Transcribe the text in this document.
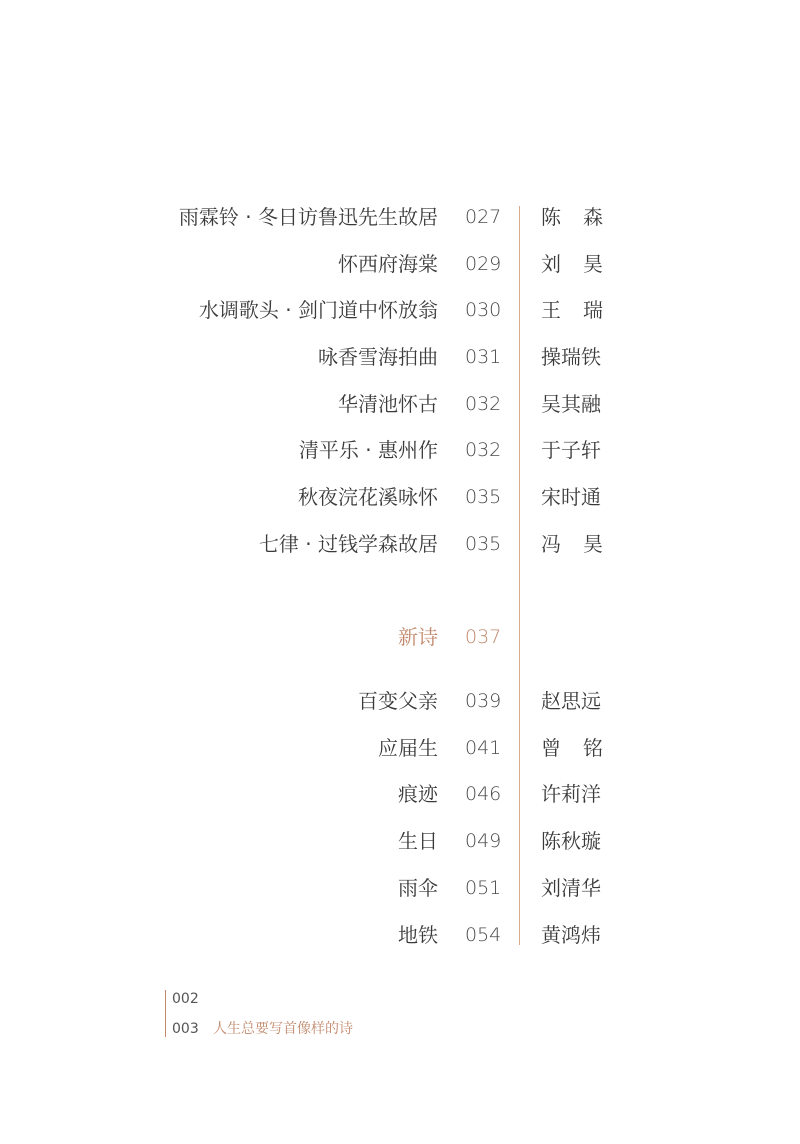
雨霖铃 · 冬日访鲁迅先生故居 027 陈 森
怀西府海棠 029 刘 昊
水调歌头 · 剑门道中怀放翁 030 王 瑞
咏香雪海拍曲 031 操瑞铁
华清池怀古 032 吴其融
清平乐 · 惠州作 032 于子轩
秋夜浣花溪咏怀 035 宋时通
七律 · 过钱学森故居 035 冯 昊
新诗 037
百变父亲 039 赵思远
应届生 041 曾 铭
痕迹 046 许莉洋
生日 049 陈秋璇
雨伞 051 刘清华
地铁 054 黄鸿炜
002
003 人生总要写首像样的诗
